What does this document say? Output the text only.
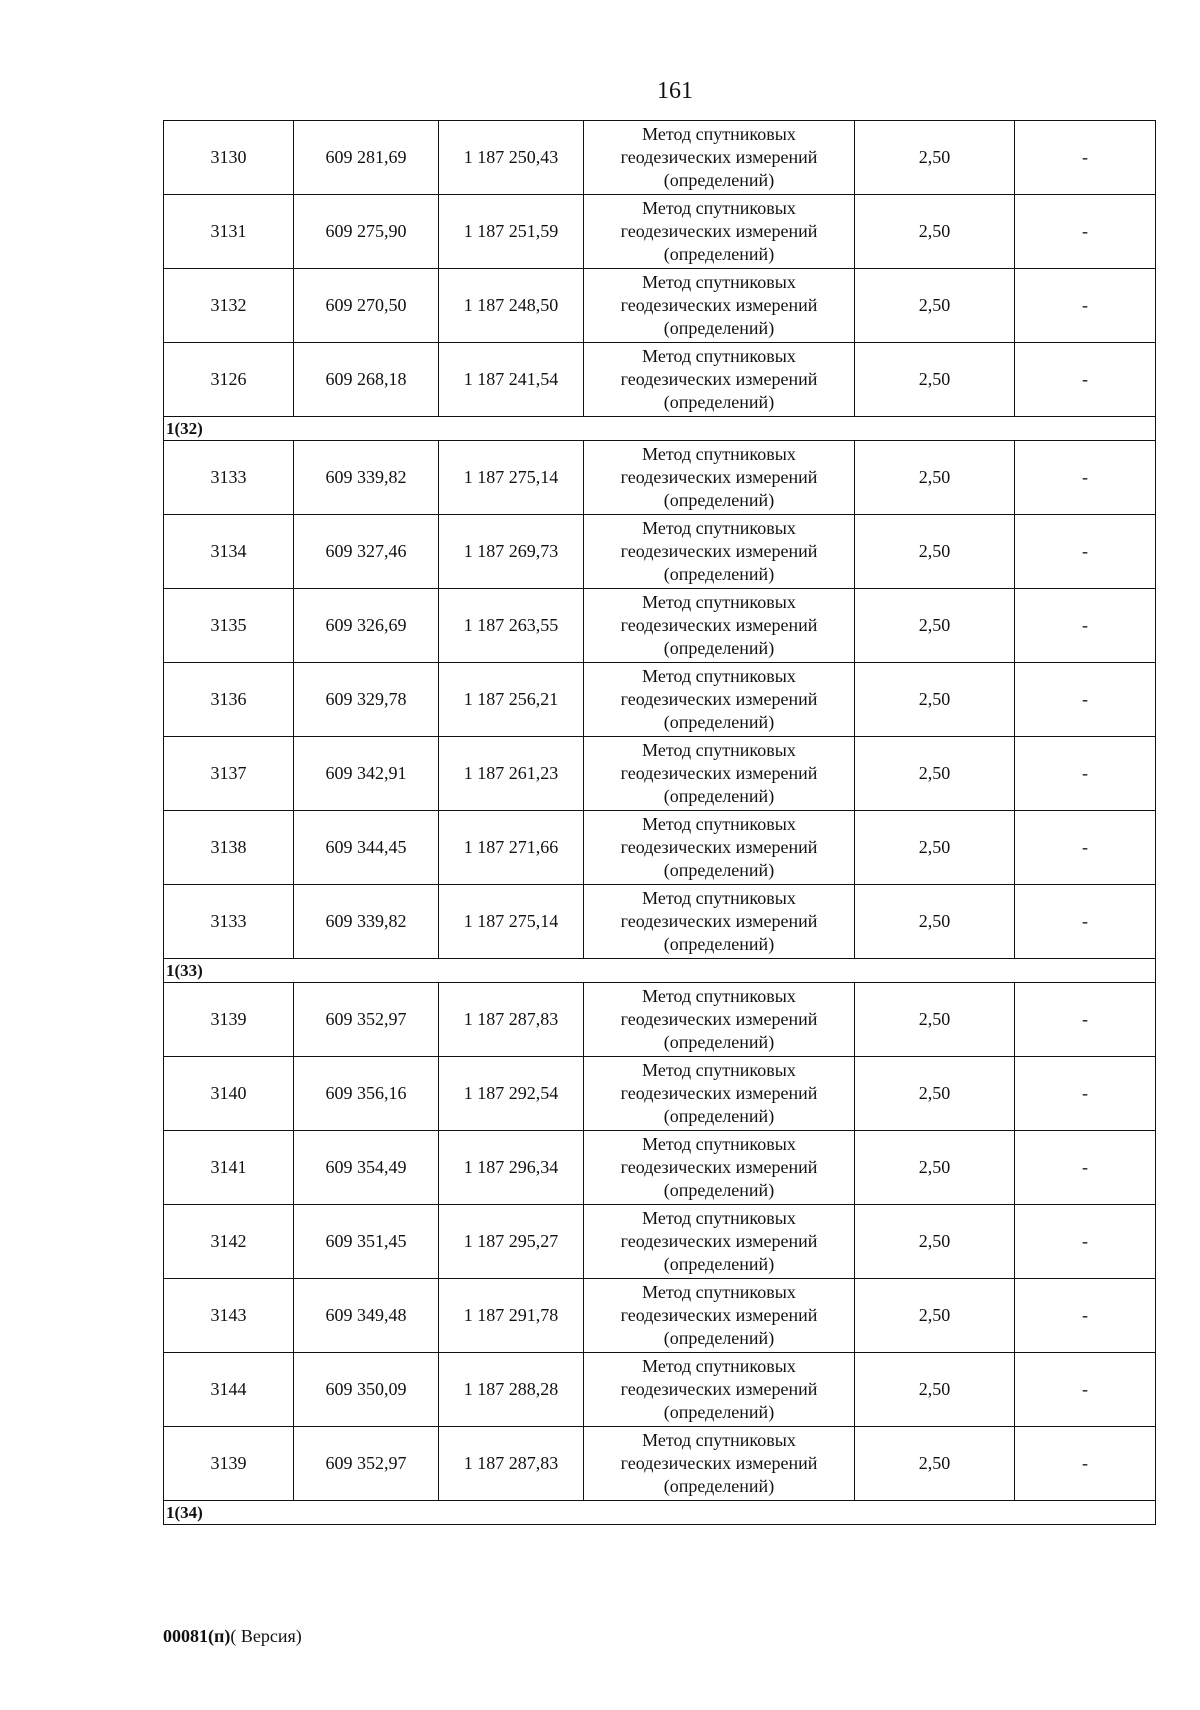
161
3130	609 281,69	1 187 250,43	Метод спутниковых
геодезических измерений
(определений)	2,50	-
3131	609 275,90	1 187 251,59	Метод спутниковых
геодезических измерений
(определений)	2,50	-
3132	609 270,50	1 187 248,50	Метод спутниковых
геодезических измерений
(определений)	2,50	-
3126	609 268,18	1 187 241,54	Метод спутниковых
геодезических измерений
(определений)	2,50	-
1(32)					
3133	609 339,82	1 187 275,14	Метод спутниковых
геодезических измерений
(определений)	2,50	-
3134	609 327,46	1 187 269,73	Метод спутниковых
геодезических измерений
(определений)	2,50	-
3135	609 326,69	1 187 263,55	Метод спутниковых
геодезических измерений
(определений)	2,50	-
3136	609 329,78	1 187 256,21	Метод спутниковых
геодезических измерений
(определений)	2,50	-
3137	609 342,91	1 187 261,23	Метод спутниковых
геодезических измерений
(определений)	2,50	-
3138	609 344,45	1 187 271,66	Метод спутниковых
геодезических измерений
(определений)	2,50	-
3133	609 339,82	1 187 275,14	Метод спутниковых
геодезических измерений
(определений)	2,50	-
1(33)					
3139	609 352,97	1 187 287,83	Метод спутниковых
геодезических измерений
(определений)	2,50	-
3140	609 356,16	1 187 292,54	Метод спутниковых
геодезических измерений
(определений)	2,50	-
3141	609 354,49	1 187 296,34	Метод спутниковых
геодезических измерений
(определений)	2,50	-
3142	609 351,45	1 187 295,27	Метод спутниковых
геодезических измерений
(определений)	2,50	-
3143	609 349,48	1 187 291,78	Метод спутниковых
геодезических измерений
(определений)	2,50	-
3144	609 350,09	1 187 288,28	Метод спутниковых
геодезических измерений
(определений)	2,50	-
3139	609 352,97	1 187 287,83	Метод спутниковых
геодезических измерений
(определений)	2,50	-
1(34)					
00081(п)( Версия)
